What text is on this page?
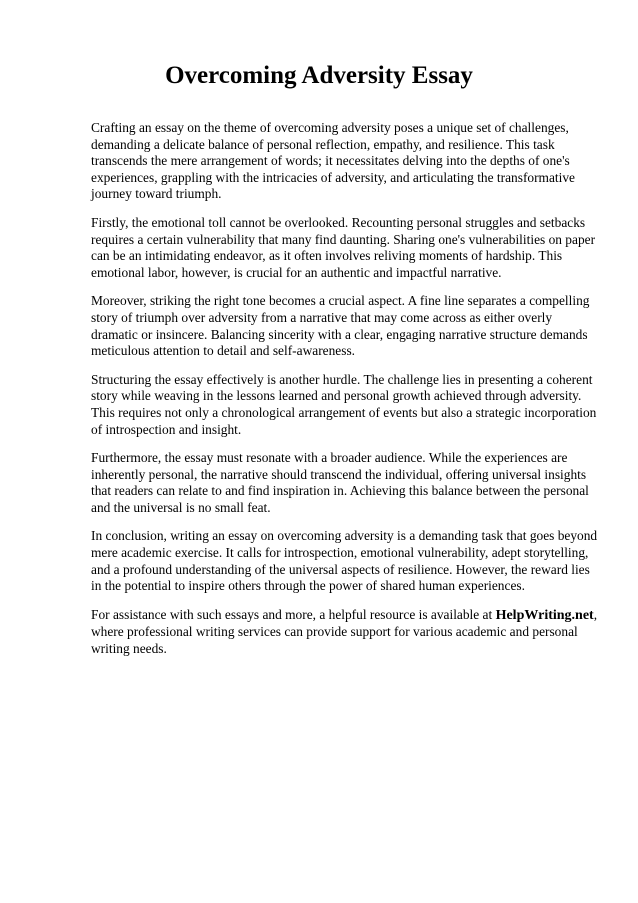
Overcoming Adversity Essay

Crafting an essay on the theme of overcoming adversity poses a unique set of challenges, demanding a delicate balance of personal reflection, empathy, and resilience. This task transcends the mere arrangement of words; it necessitates delving into the depths of one's experiences, grappling with the intricacies of adversity, and articulating the transformative journey toward triumph.

Firstly, the emotional toll cannot be overlooked. Recounting personal struggles and setbacks requires a certain vulnerability that many find daunting. Sharing one's vulnerabilities on paper can be an intimidating endeavor, as it often involves reliving moments of hardship. This emotional labor, however, is crucial for an authentic and impactful narrative.

Moreover, striking the right tone becomes a crucial aspect. A fine line separates a compelling story of triumph over adversity from a narrative that may come across as either overly dramatic or insincere. Balancing sincerity with a clear, engaging narrative structure demands meticulous attention to detail and self-awareness.

Structuring the essay effectively is another hurdle. The challenge lies in presenting a coherent story while weaving in the lessons learned and personal growth achieved through adversity. This requires not only a chronological arrangement of events but also a strategic incorporation of introspection and insight.

Furthermore, the essay must resonate with a broader audience. While the experiences are inherently personal, the narrative should transcend the individual, offering universal insights that readers can relate to and find inspiration in. Achieving this balance between the personal and the universal is no small feat.

In conclusion, writing an essay on overcoming adversity is a demanding task that goes beyond mere academic exercise. It calls for introspection, emotional vulnerability, adept storytelling, and a profound understanding of the universal aspects of resilience. However, the reward lies in the potential to inspire others through the power of shared human experiences.

For assistance with such essays and more, a helpful resource is available at HelpWriting.net, where professional writing services can provide support for various academic and personal writing needs.
